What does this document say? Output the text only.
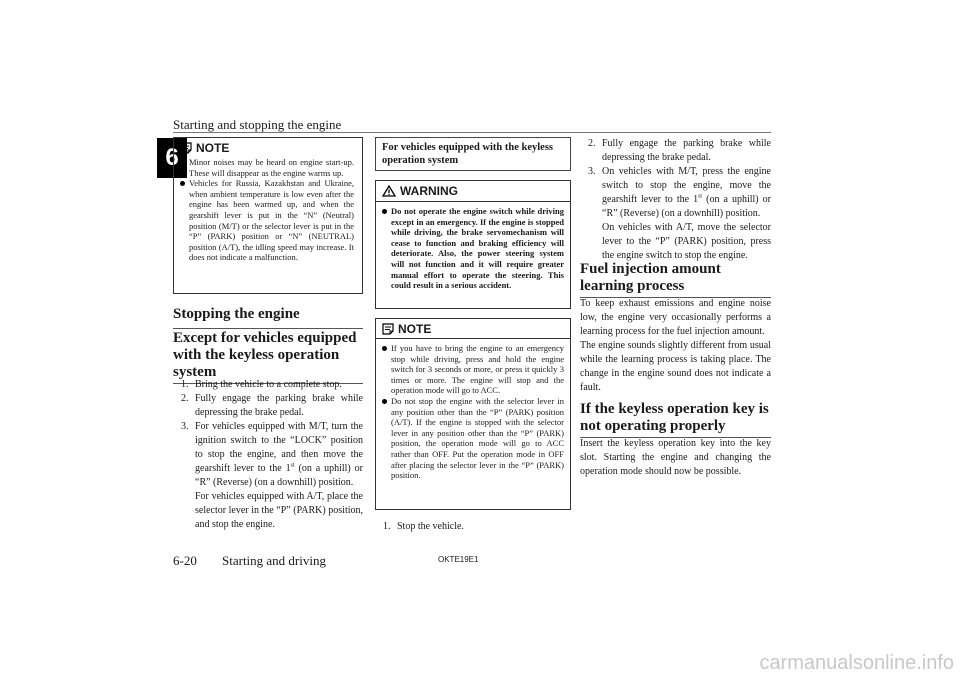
Starting and stopping the engine
6	NOTE
Minor noises may be heard on engine start-up. These will disappear as the engine warms up.
Vehicles for Russia, Kazakhstan and Ukraine, when ambient temperature is low even after the engine has been warmed up, and when the gearshift lever is put in the “N” (Neutral) position (M/T) or the selector lever is put in the “P” (PARK) position or “N” (NEUTRAL) position (A/T), the idling speed may increase. It does not indicate a malfunction.
Stopping the engine
Except for vehicles equipped with the keyless operation system
1. Bring the vehicle to a complete stop.
2. Fully engage the parking brake while depressing the brake pedal.
3. For vehicles equipped with M/T, turn the ignition switch to the “LOCK” position to stop the engine, and then move the gearshift lever to the 1st (on a uphill) or “R” (Reverse) (on a downhill) position.
For vehicles equipped with A/T, place the selector lever in the “P” (PARK) position, and stop the engine.
For vehicles equipped with the keyless operation system
WARNING
Do not operate the engine switch while driving except in an emergency. If the engine is stopped while driving, the brake servomechanism will cease to function and braking efficiency will deteriorate. Also, the power steering system will not function and it will require greater manual effort to operate the steering. This could result in a serious accident.
NOTE
If you have to bring the engine to an emergency stop while driving, press and hold the engine switch for 3 seconds or more, or press it quickly 3 times or more. The engine will stop and the operation mode will go to ACC.
Do not stop the engine with the selector lever in any position other than the “P” (PARK) position (A/T). If the engine is stopped with the selector lever in any position other than the “P” (PARK) position, the operation mode will go to ACC rather than OFF. Put the operation mode in OFF after placing the selector lever in the “P” (PARK) position.
1. Stop the vehicle.
2. Fully engage the parking brake while depressing the brake pedal.
3. On vehicles with M/T, press the engine switch to stop the engine, move the gearshift lever to the 1st (on a uphill) or “R” (Reverse) (on a downhill) position.
On vehicles with A/T, move the selector lever to the “P” (PARK) position, press the engine switch to stop the engine.
Fuel injection amount learning process
To keep exhaust emissions and engine noise low, the engine very occasionally performs a learning process for the fuel injection amount.
The engine sounds slightly different from usual while the learning process is taking place. The change in the engine sound does not indicate a fault.
If the keyless operation key is not operating properly
Insert the keyless operation key into the key slot. Starting the engine and changing the operation mode should now be possible.
6-20 Starting and driving	OKTE19E1
carmanualsonline.info
